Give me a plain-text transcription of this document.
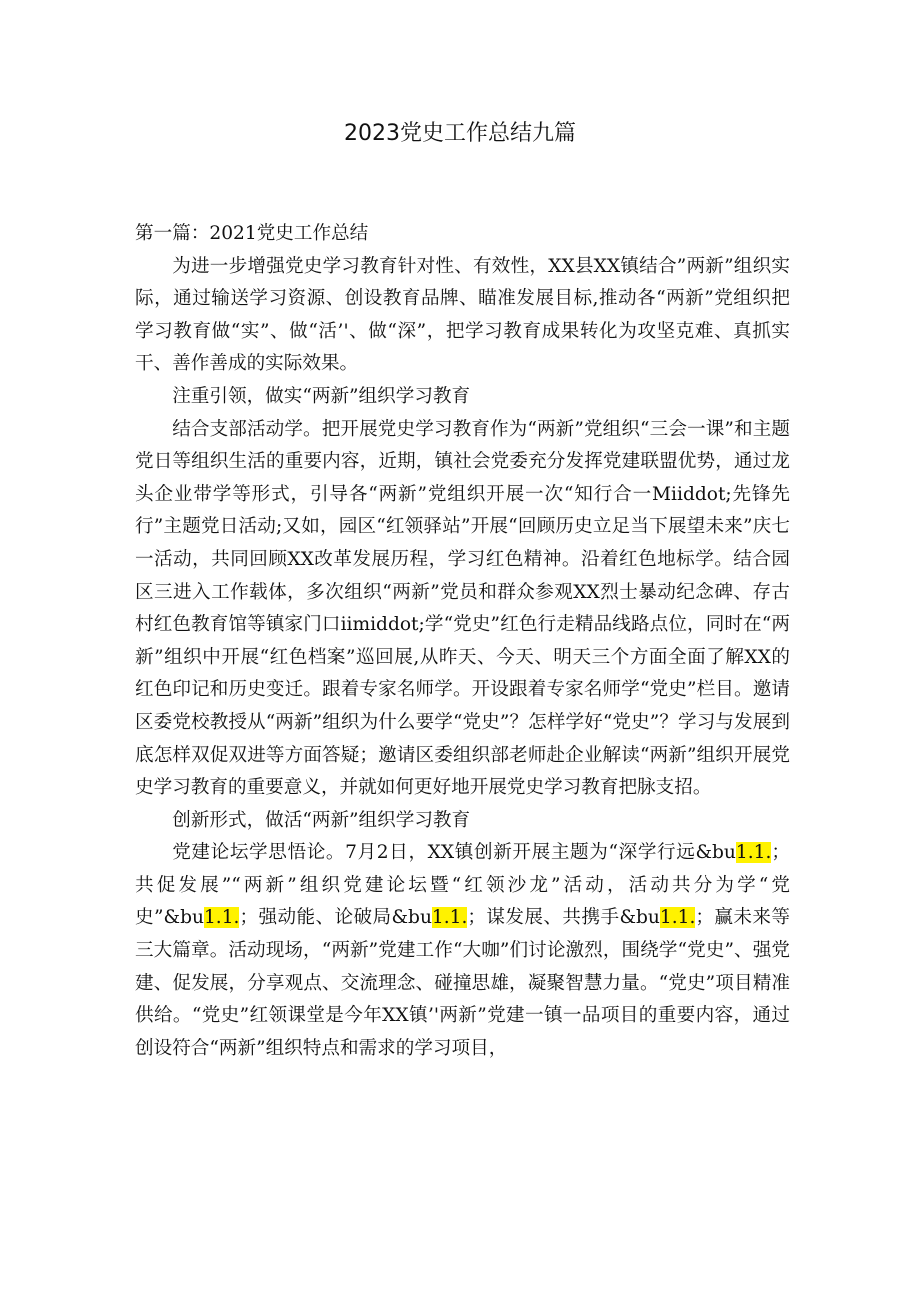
2023党史工作总结九篇

第一篇：2021党史工作总结

为进一步增强党史学习教育针对性、有效性，XX县XX镇结合”两新”组织实际，通过输送学习资源、创设教育品牌、瞄准发展目标,推动各“两新”党组织把学习教育做“实”、做“活’'、做“深”，把学习教育成果转化为攻坚克难、真抓实干、善作善成的实际效果。

注重引领，做实“两新”组织学习教育

结合支部活动学。把开展党史学习教育作为“两新”党组织“三会一课”和主题党日等组织生活的重要内容，近期，镇社会党委充分发挥党建联盟优势，通过龙头企业带学等形式，引导各“两新”党组织开展一次“知行合一Miiddot;先锋先行”主题党日活动;又如，园区“红领驿站”开展“回顾历史立足当下展望未来”庆七一活动，共同回顾XX改革发展历程，学习红色精神。沿着红色地标学。结合园区三进入工作载体，多次组织“两新”党员和群众参观XX烈士暴动纪念碑、存古村红色教育馆等镇家门口iimiddot;学“党史”红色行走精品线路点位，同时在“两新”组织中开展“红色档案”巡回展,从昨天、今天、明天三个方面全面了解XX的红色印记和历史变迁。跟着专家名师学。开设跟着专家名师学“党史”栏目。邀请区委党校教授从“两新”组织为什么要学“党史”？怎样学好“党史”？学习与发展到底怎样双促双进等方面答疑；邀请区委组织部老师赴企业解读“两新”组织开展党史学习教育的重要意义，并就如何更好地开展党史学习教育把脉支招。

创新形式，做活“两新”组织学习教育

党建论坛学思悟论。7月2日，XX镇创新开展主题为“深学行远&bu1.1.；共促发展”“两新”组织党建论坛暨“红领沙龙”活动，活动共分为学“党史”&bu1.1.；强动能、论破局&bu1.1.；谋发展、共携手&bu1.1.；赢未来等三大篇章。活动现场，“两新”党建工作“大咖”们讨论激烈，围绕学“党史”、强党建、促发展，分享观点、交流理念、碰撞思雄，凝聚智慧力量。“党史”项目精准供给。“党史”红领课堂是今年XX镇’'两新”党建一镇一品项目的重要内容，通过创设符合“两新”组织特点和需求的学习项目，
